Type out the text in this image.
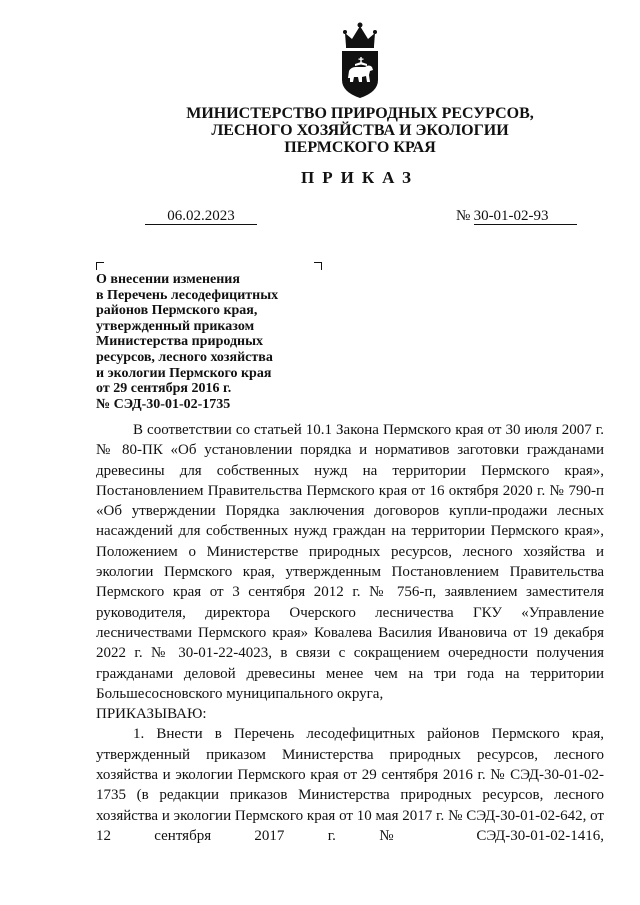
МИНИСТЕРСТВО ПРИРОДНЫХ РЕСУРСОВ,
ЛЕСНОГО ХОЗЯЙСТВА И ЭКОЛОГИИ
ПЕРМСКОГО КРАЯ
ПРИКАЗ
06.02.2023	№ 30-01-02-93
О внесении изменения
в Перечень лесодефицитных
районов Пермского края,
утвержденный приказом
Министерства природных
ресурсов, лесного хозяйства
и экологии Пермского края
от 29 сентября 2016 г.
№ СЭД-30-01-02-1735
В соответствии со статьей 10.1 Закона Пермского края от 30 июля 2007 г. № 80-ПК «Об установлении порядка и нормативов заготовки гражданами древесины для собственных нужд на территории Пермского края», Постановлением Правительства Пермского края от 16 октября 2020 г. № 790-п «Об утверждении Порядка заключения договоров купли-продажи лесных насаждений для собственных нужд граждан на территории Пермского края», Положением о Министерстве природных ресурсов, лесного хозяйства и экологии Пермского края, утвержденным Постановлением Правительства Пермского края от 3 сентября 2012 г. № 756-п, заявлением заместителя руководителя, директора Очерского лесничества ГКУ «Управление лесничествами Пермского края» Ковалева Василия Ивановича от 19 декабря 2022 г. № 30-01-22-4023, в связи с сокращением очередности получения гражданами деловой древесины менее чем на три года на территории Большесосновского муниципального округа,
ПРИКАЗЫВАЮ:
1. Внести в Перечень лесодефицитных районов Пермского края, утвержденный приказом Министерства природных ресурсов, лесного хозяйства и экологии Пермского края от 29 сентября 2016 г. № СЭД-30-01-02-1735 (в редакции приказов Министерства природных ресурсов, лесного хозяйства и экологии Пермского края от 10 мая 2017 г. № СЭД-30-01-02-642, от 12 сентября 2017 г. № СЭД-30-01-02-1416,
